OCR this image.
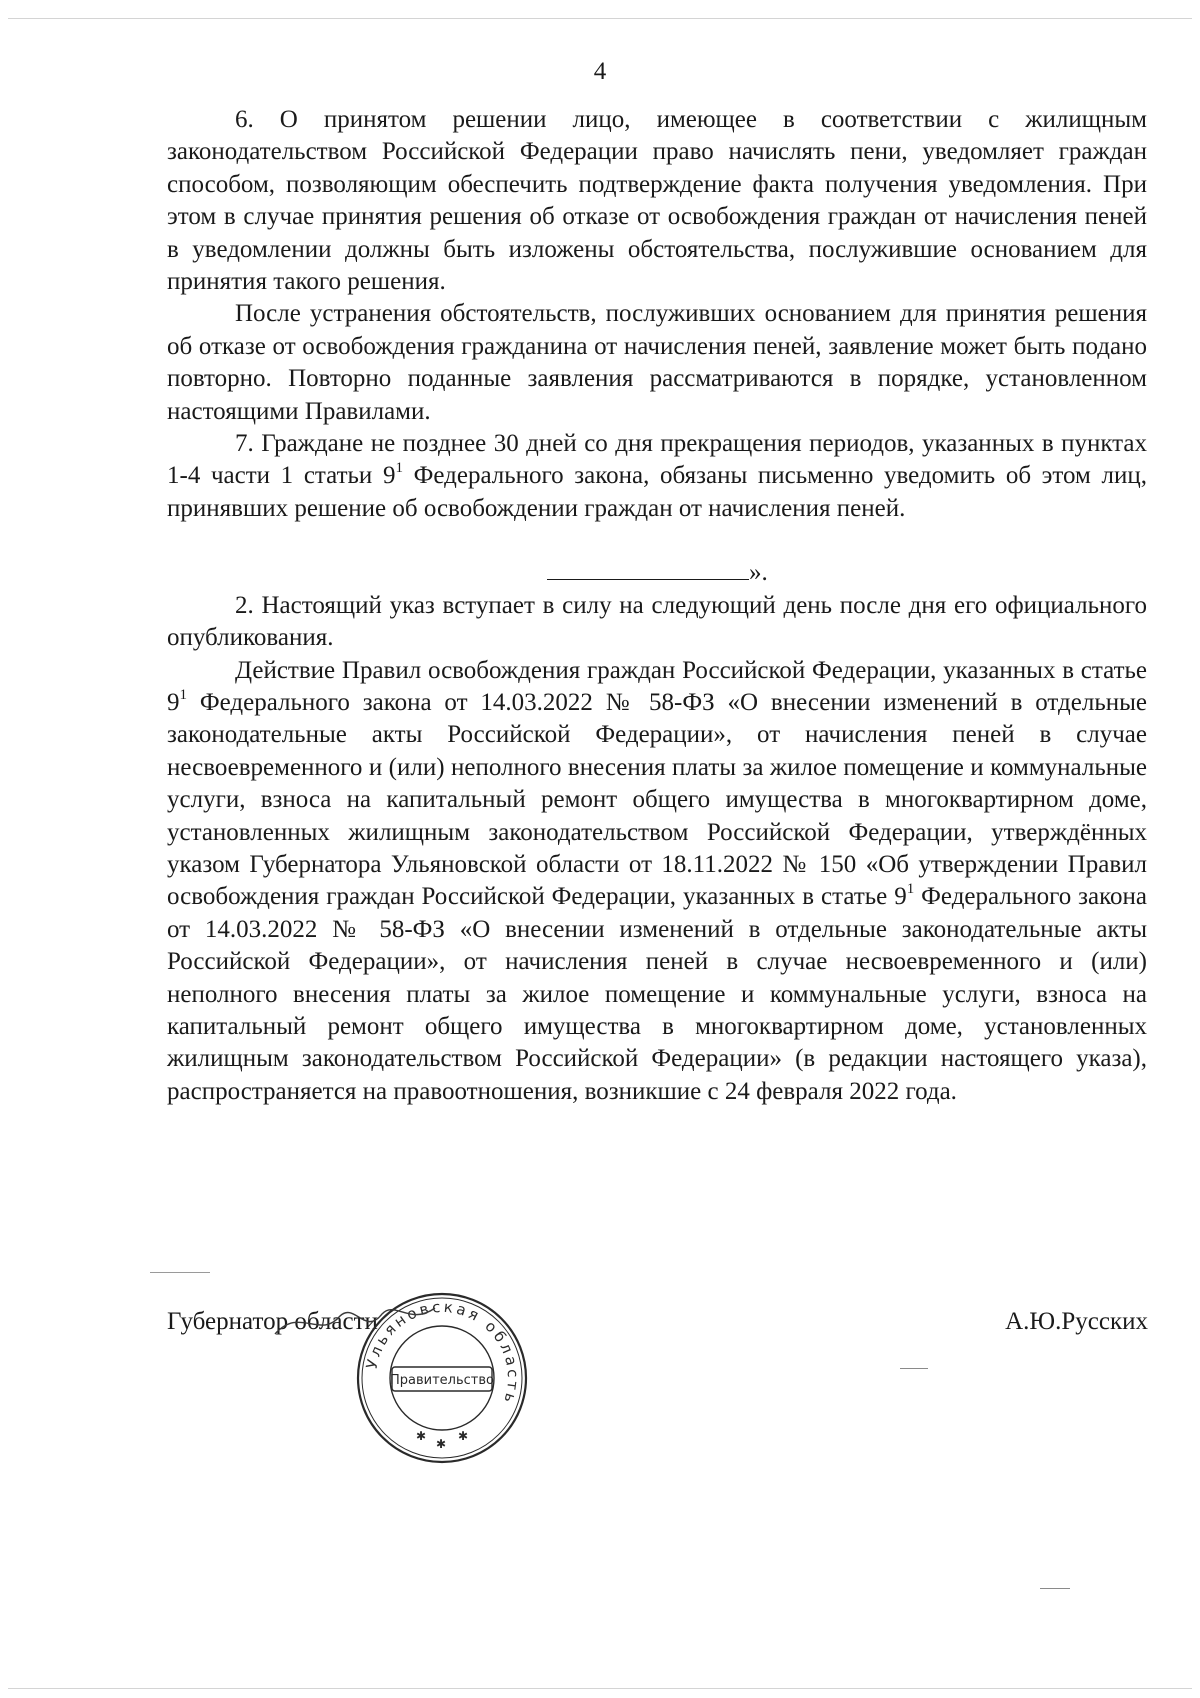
4

6. О принятом решении лицо, имеющее в соответствии с жилищным законодательством Российской Федерации право начислять пени, уведомляет граждан способом, позволяющим обеспечить подтверждение факта получения уведомления. При этом в случае принятия решения об отказе от освобождения граждан от начисления пеней в уведомлении должны быть изложены обстоятельства, послужившие основанием для принятия такого решения.

После устранения обстоятельств, послуживших основанием для принятия решения об отказе от освобождения гражданина от начисления пеней, заявление может быть подано повторно. Повторно поданные заявления рассматриваются в порядке, установленном настоящими Правилами.

7. Граждане не позднее 30 дней со дня прекращения периодов, указанных в пунктах 1-4 части 1 статьи $9^1$ Федерального закона, обязаны письменно уведомить об этом лиц, принявших решение об освобождении граждан от начисления пеней.

».

2. Настоящий указ вступает в силу на следующий день после дня его официального опубликования.

Действие Правил освобождения граждан Российской Федерации, указанных в статье $9^1$ Федерального закона от 14.03.2022 № 58-ФЗ «О внесении изменений в отдельные законодательные акты Российской Федерации», от начисления пеней в случае несвоевременного и (или) неполного внесения платы за жилое помещение и коммунальные услуги, взноса на капитальный ремонт общего имущества в многоквартирном доме, установленных жилищным законодательством Российской Федерации, утверждённых указом Губернатора Ульяновской области от 18.11.2022 № 150 «Об утверждении Правил освобождения граждан Российской Федерации, указанных в статье $9^1$ Федерального закона от 14.03.2022 № 58-ФЗ «О внесении изменений в отдельные законодательные акты Российской Федерации», от начисления пеней в случае несвоевременного и (или) неполного внесения платы за жилое помещение и коммунальные услуги, взноса на капитальный ремонт общего имущества в многоквартирном доме, установленных жилищным законодательством Российской Федерации» (в редакции настоящего указа), распространяется на правоотношения, возникшие с 24 февраля 2022 года.

Губернатор области	А.Ю.Русских
Ульяновская область
Правительство
✱
✱
✱
